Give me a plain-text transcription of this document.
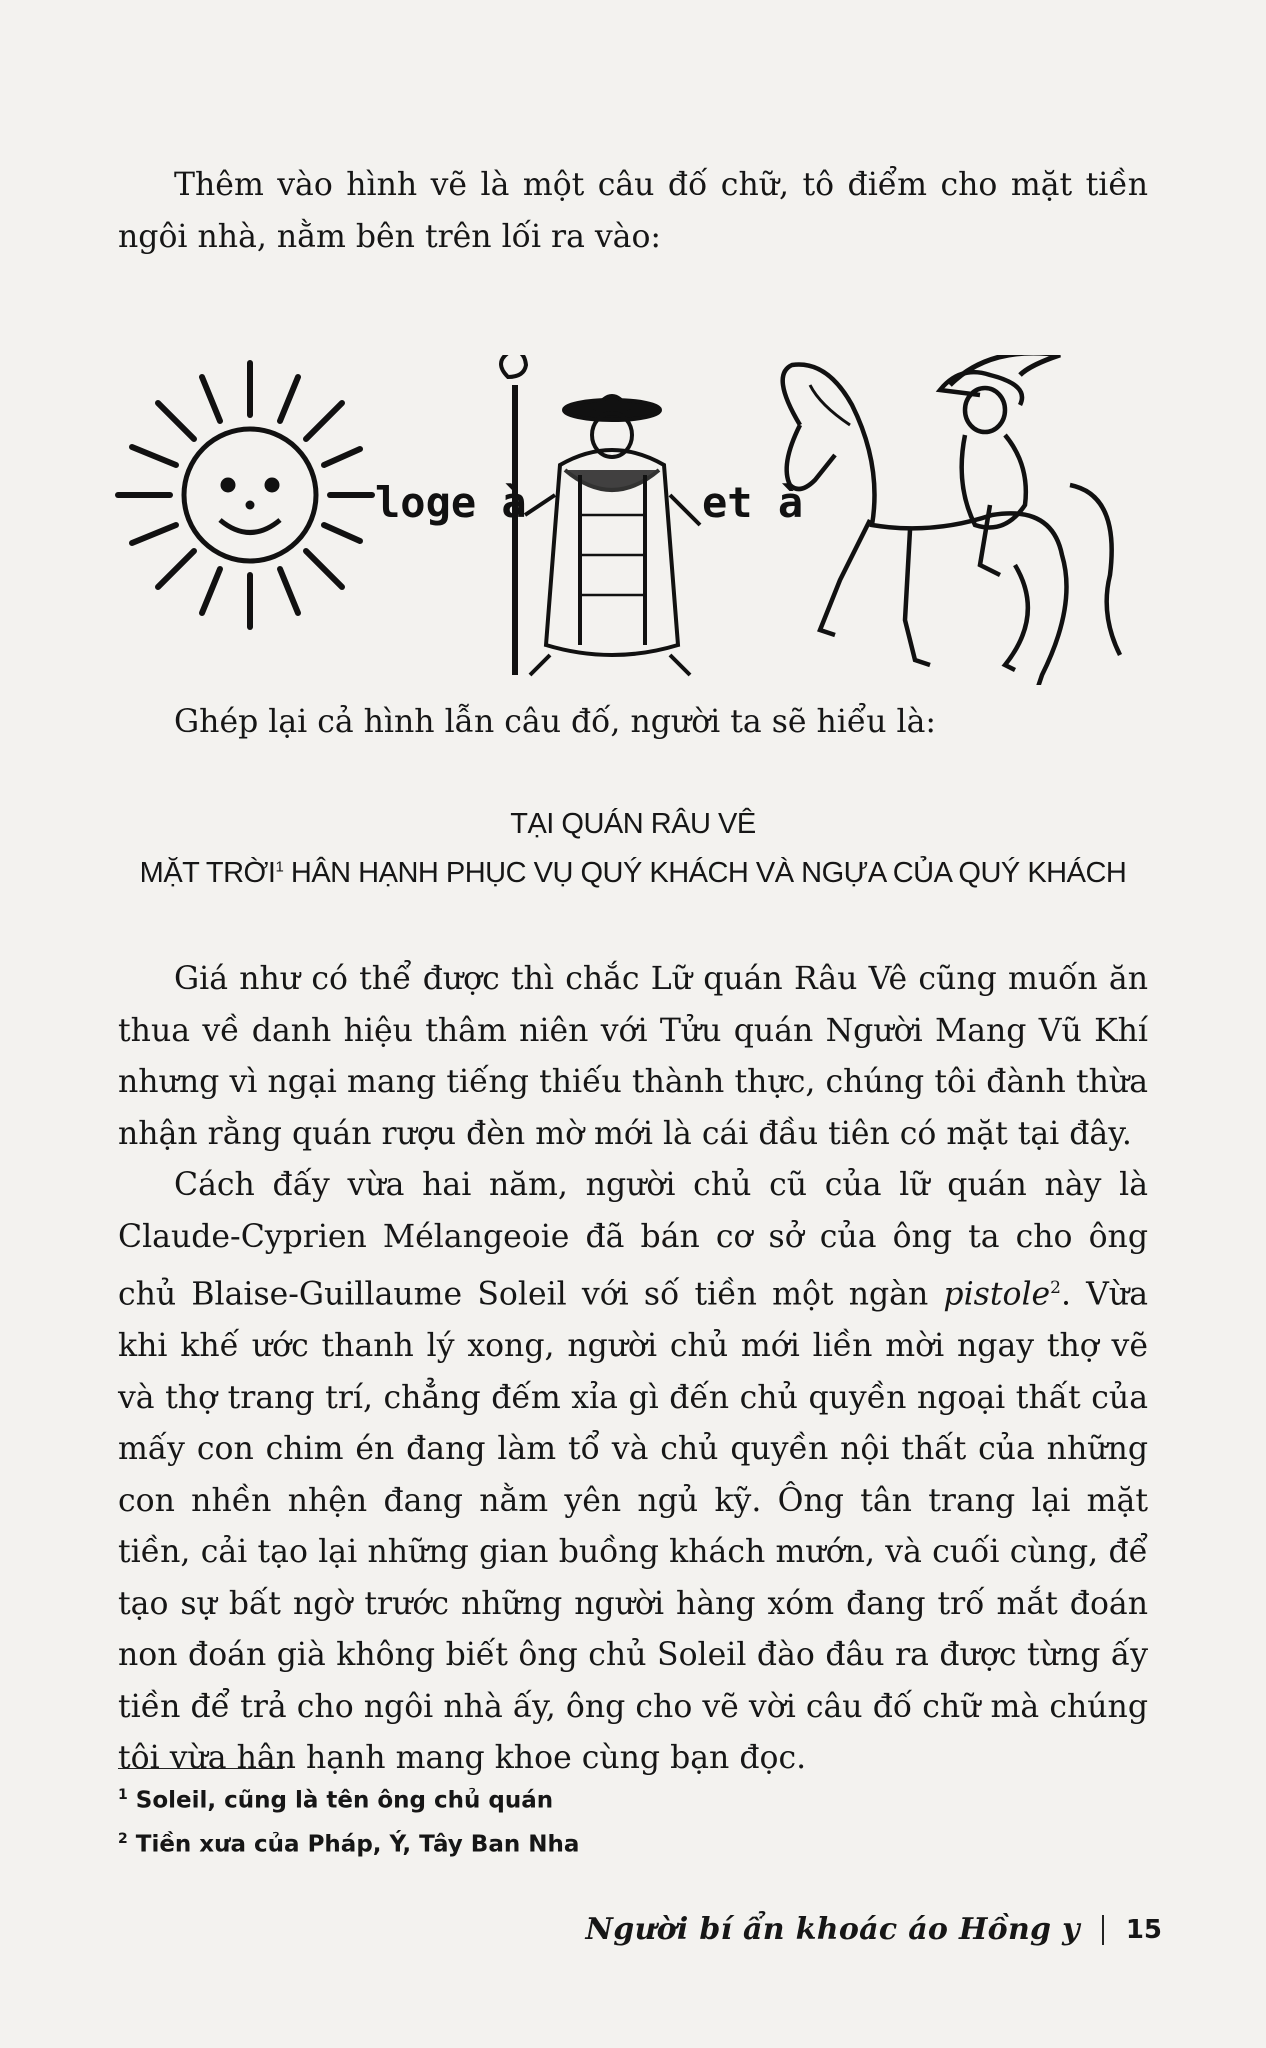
Thêm vào hình vẽ là một câu đố chữ, tô điểm cho mặt tiền ngôi nhà, nằm bên trên lối ra vào:

loge à	et à

Ghép lại cả hình lẫn câu đố, người ta sẽ hiểu là:

TẠI QUÁN RÂU VÊ
MẶT TRỜI$^1$ HÂN HẠNH PHỤC VỤ QUÝ KHÁCH VÀ NGỰA CỦA QUÝ KHÁCH

Giá như có thể được thì chắc Lữ quán Râu Vê cũng muốn ăn thua về danh hiệu thâm niên với Tửu quán Người Mang Vũ Khí nhưng vì ngại mang tiếng thiếu thành thực, chúng tôi đành thừa nhận rằng quán rượu đèn mờ mới là cái đầu tiên có mặt tại đây.

Cách đấy vừa hai năm, người chủ cũ của lữ quán này là Claude-Cyprien Mélangeoie đã bán cơ sở của ông ta cho ông chủ Blaise-Guillaume Soleil với số tiền một ngàn pistole$^2$. Vừa khi khế ước thanh lý xong, người chủ mới liền mời ngay thợ vẽ và thợ trang trí, chẳng đếm xỉa gì đến chủ quyền ngoại thất của mấy con chim én đang làm tổ và chủ quyền nội thất của những con nhền nhện đang nằm yên ngủ kỹ. Ông tân trang lại mặt tiền, cải tạo lại những gian buồng khách mướn, và cuối cùng, để tạo sự bất ngờ trước những người hàng xóm đang trố mắt đoán non đoán già không biết ông chủ Soleil đào đâu ra được từng ấy tiền để trả cho ngôi nhà ấy, ông cho vẽ vời câu đố chữ mà chúng tôi vừa hân hạnh mang khoe cùng bạn đọc.

$^1$ Soleil, cũng là tên ông chủ quán
$^2$ Tiền xưa của Pháp, Ý, Tây Ban Nha
Người bí ẩn khoác áo Hồng y 15
